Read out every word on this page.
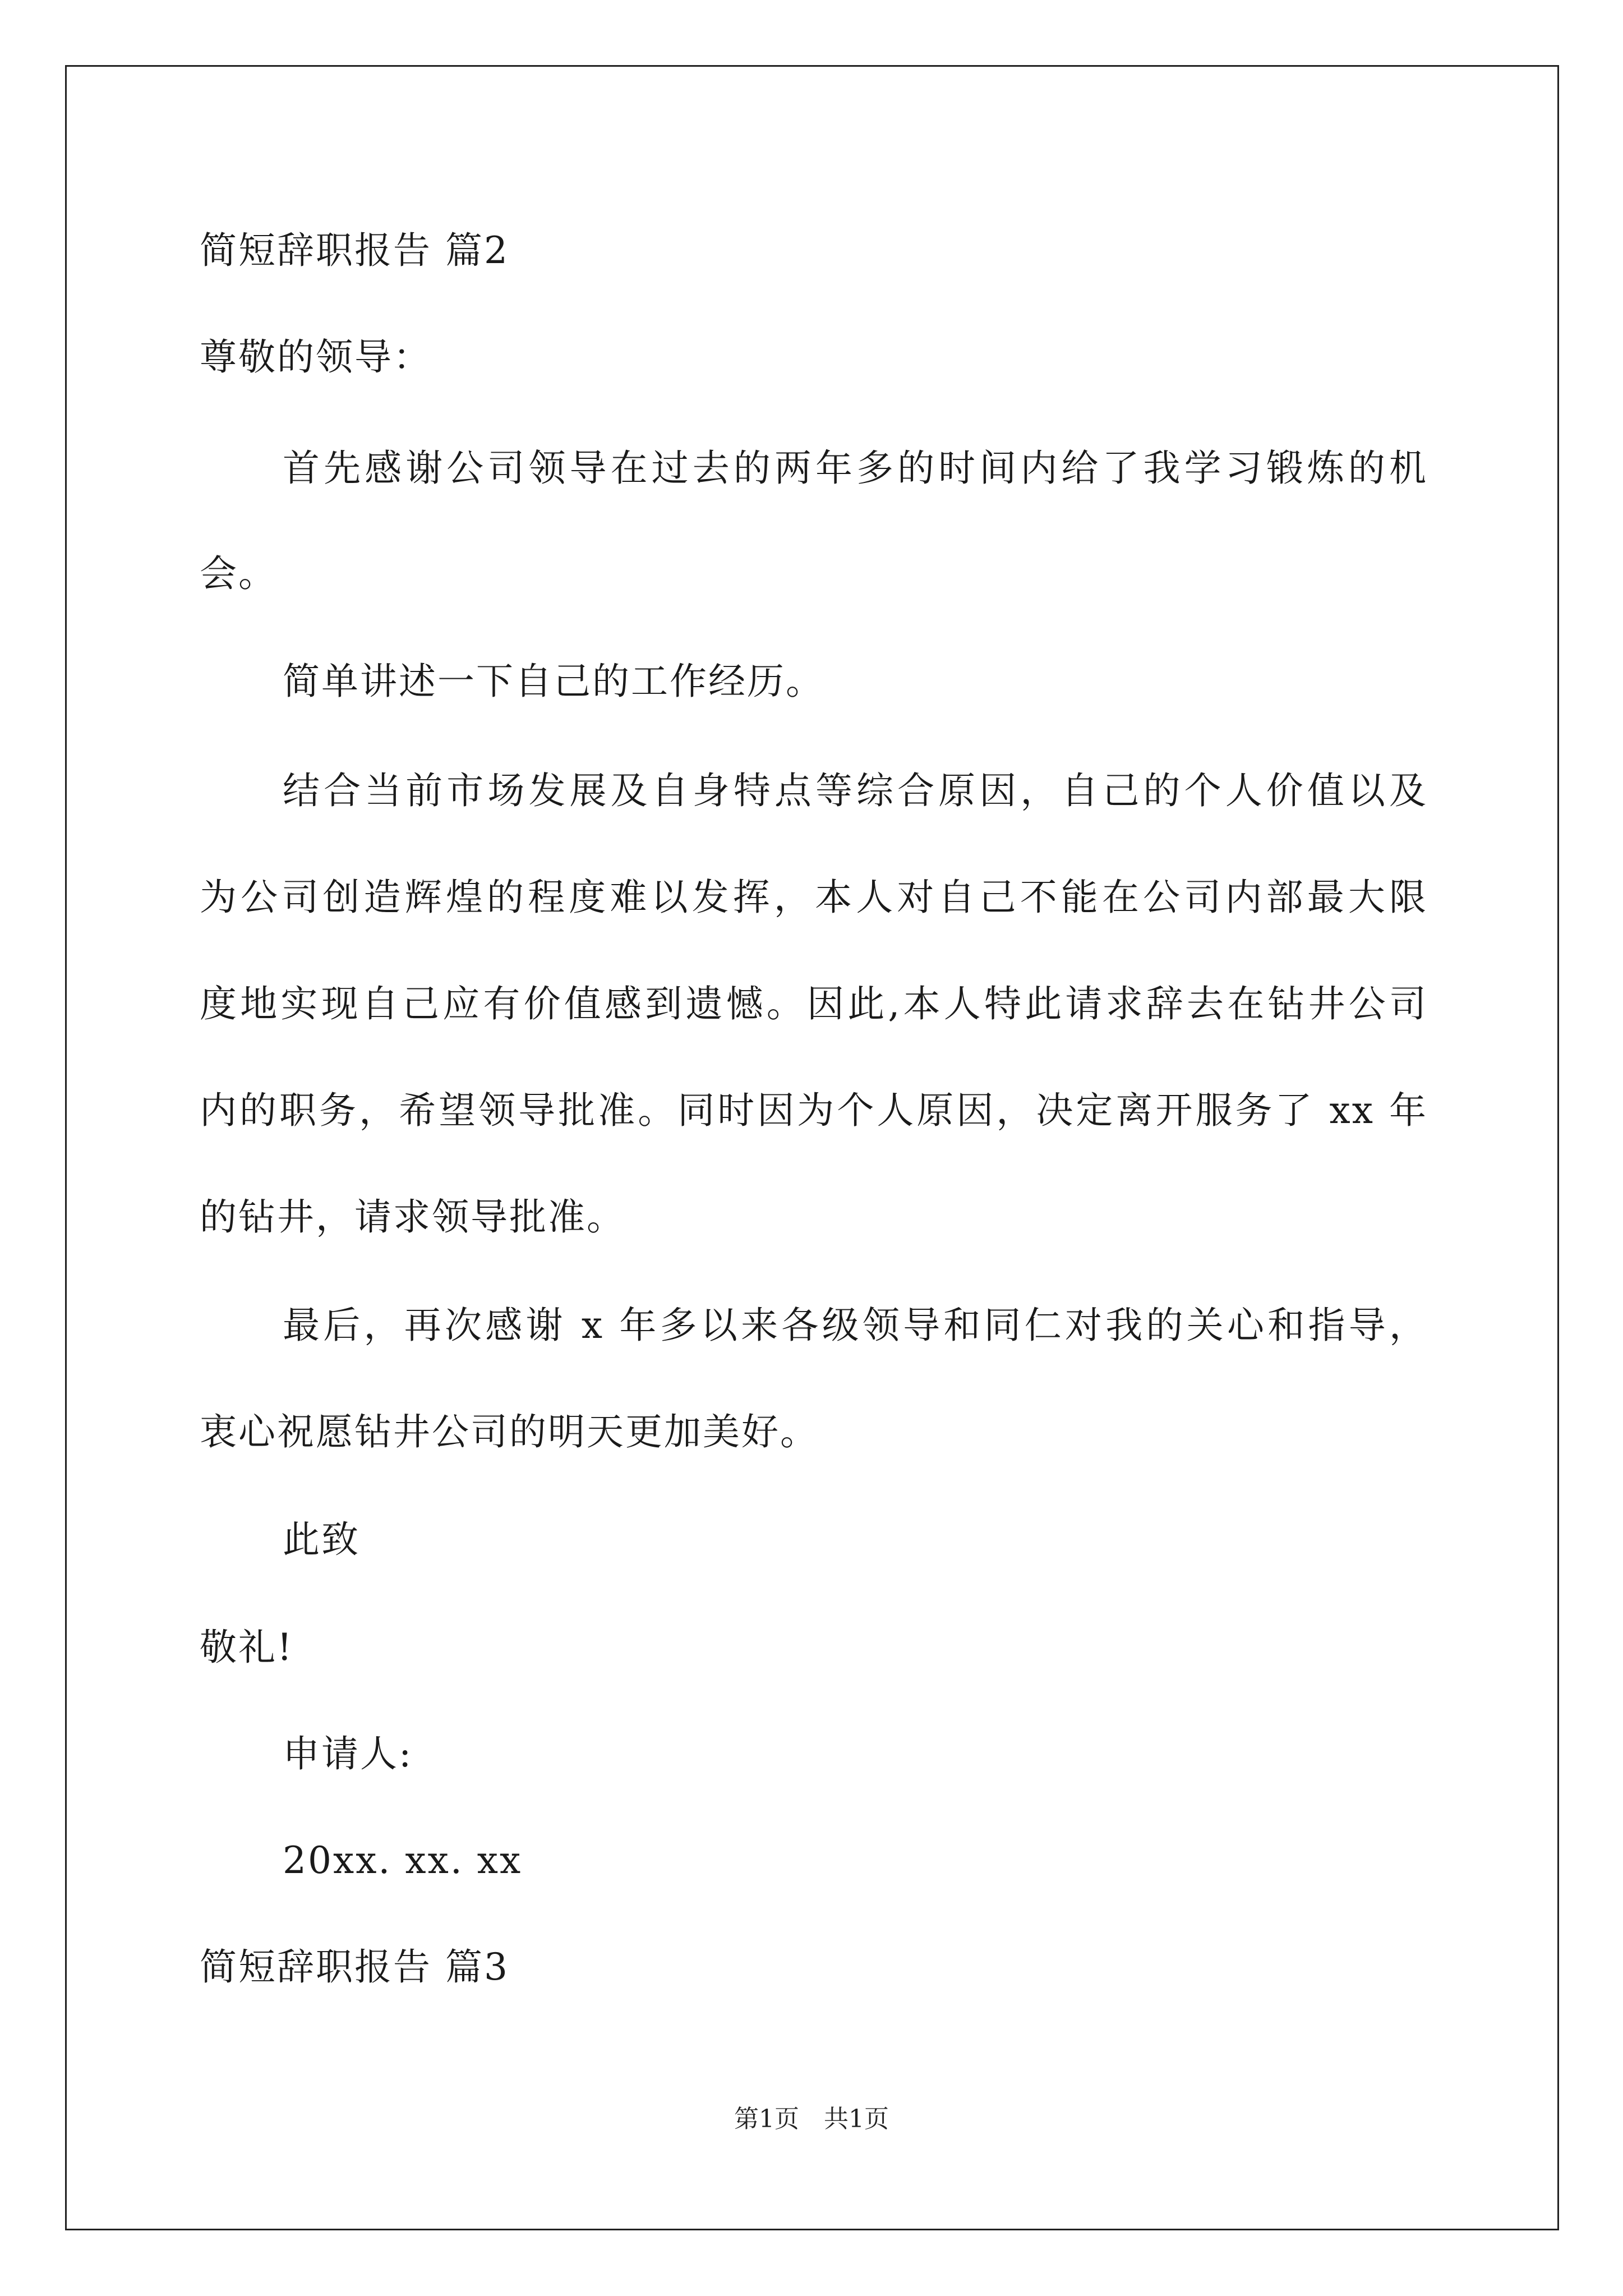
简短辞职报告 篇2
尊敬的领导：
首先感谢公司领导在过去的两年多的时间内给了我学习锻炼的机
会。
简单讲述一下自己的工作经历。
结合当前市场发展及自身特点等综合原因，自己的个人价值以及
为公司创造辉煌的程度难以发挥，本人对自己不能在公司内部最大限
度地实现自己应有价值感到遗憾。因此,本人特此请求辞去在钻井公司
内的职务，希望领导批准。同时因为个人原因，决定离开服务了 xx 年
的钻井，请求领导批准。
最后，再次感谢 x 年多以来各级领导和同仁对我的关心和指导，
衷心祝愿钻井公司的明天更加美好。
此致
敬礼!
申请人:
20xx. xx. xx
简短辞职报告 篇3
第1页　共1页
